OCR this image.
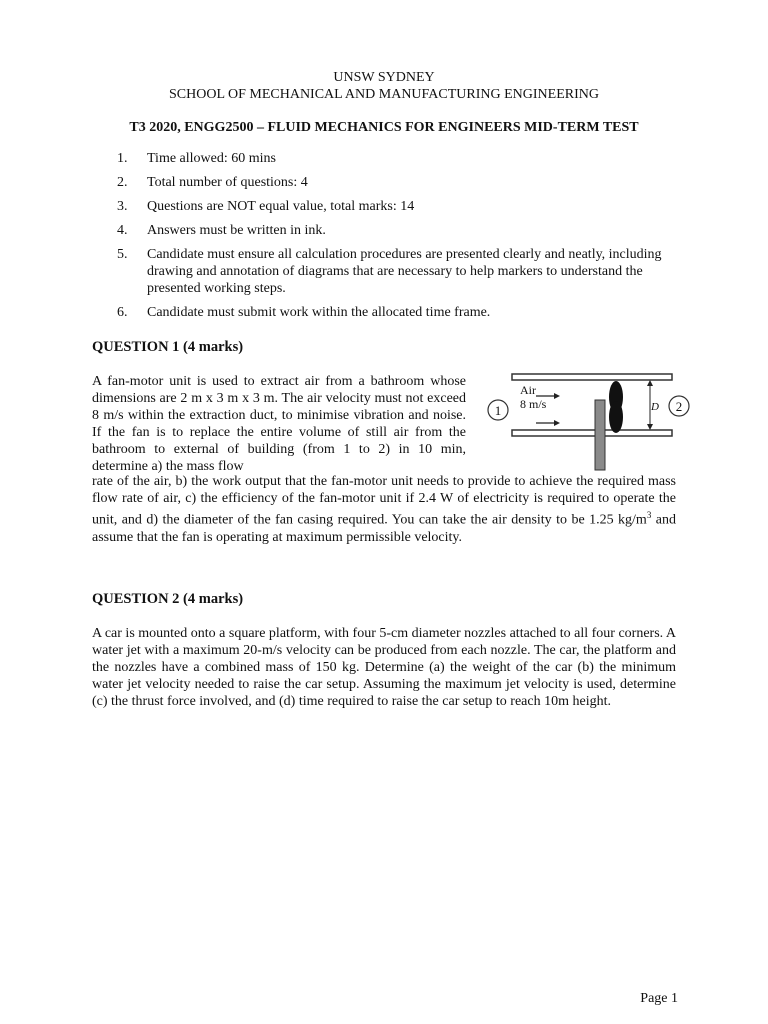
UNSW SYDNEY

SCHOOL OF MECHANICAL AND MANUFACTURING ENGINEERING

T3 2020, ENGG2500 – FLUID MECHANICS FOR ENGINEERS MID-TERM TEST

1. Time allowed: 60 mins
2. Total number of questions: 4
3. Questions are NOT equal value, total marks: 14
4. Answers must be written in ink.
5. Candidate must ensure all calculation procedures are presented clearly and neatly, including drawing and annotation of diagrams that are necessary to help markers to understand the presented working steps.
6. Candidate must submit work within the allocated time frame.

QUESTION 1 (4 marks)

A fan-motor unit is used to extract air from a bathroom whose dimensions are 2 m x 3 m x 3 m. The air velocity must not exceed 8 m/s within the extraction duct, to minimise vibration and noise. If the fan is to replace the entire volume of still air from the bathroom to external of building (from 1 to 2) in 10 min, determine a) the mass flow

D
1	2
Air
8 m/s

rate of the air, b) the work output that the fan-motor unit needs to provide to achieve the required mass flow rate of air, c) the efficiency of the fan-motor unit if 2.4 W of electricity is required to operate the unit, and d) the diameter of the fan casing required. You can take the air density to be 1.25 $kg/m^3$ and assume that the fan is operating at maximum permissible velocity.

QUESTION 2 (4 marks)

A car is mounted onto a square platform, with four 5-cm diameter nozzles attached to all four corners. A water jet with a maximum 20-m/s velocity can be produced from each nozzle. The car, the platform and the nozzles have a combined mass of 150 kg. Determine (a) the weight of the car (b) the minimum water jet velocity needed to raise the car setup. Assuming the maximum jet velocity is used, determine (c) the thrust force involved, and (d) time required to raise the car setup to reach 10m height.

Page 1
